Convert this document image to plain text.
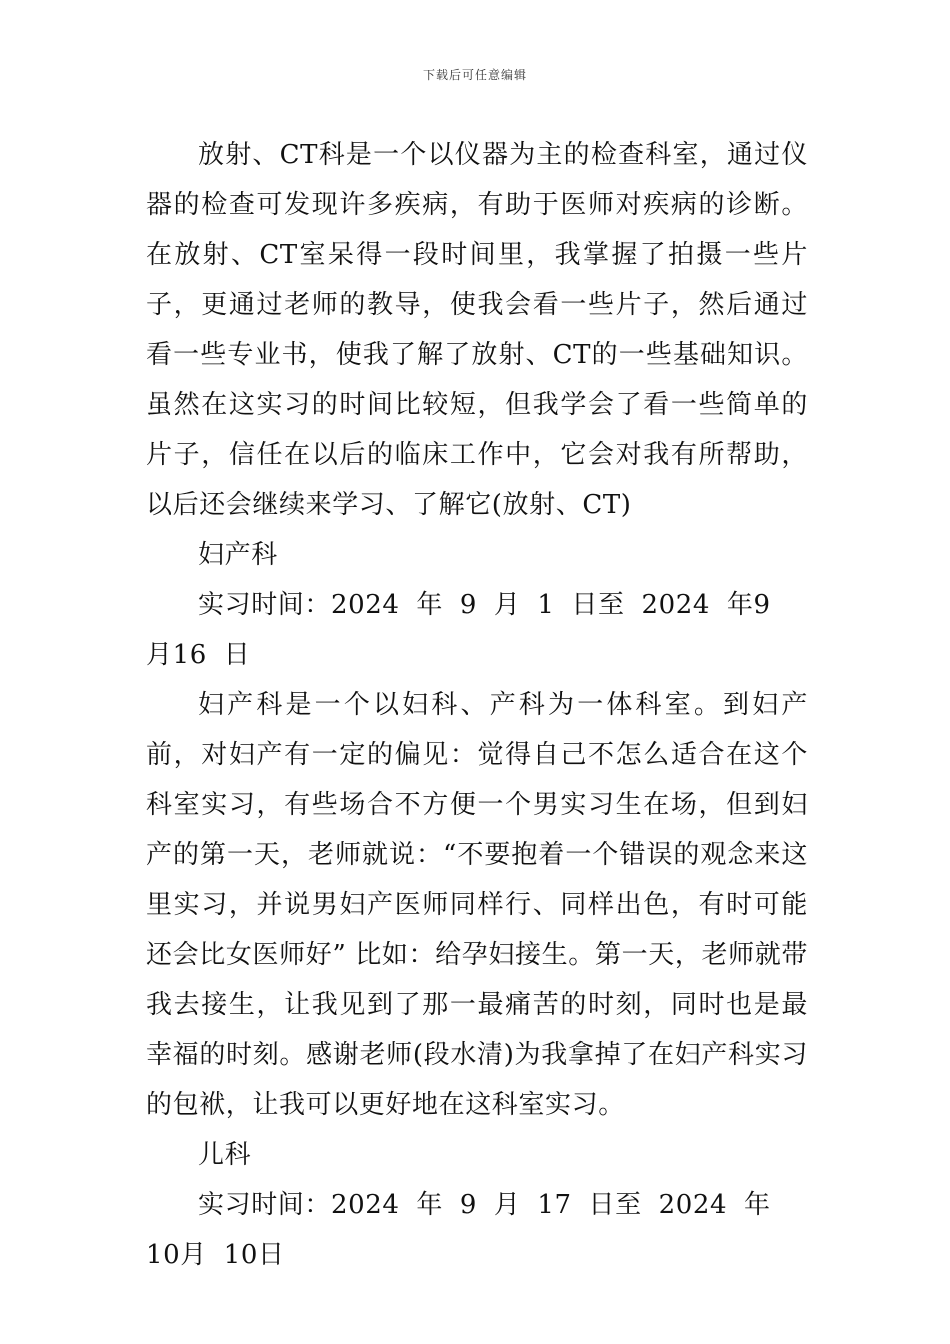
下载后可任意编辑

放射、CT科是一个以仪器为主的检查科室，通过仪器的检查可发现许多疾病，有助于医师对疾病的诊断。在放射、CT室呆得一段时间里，我掌握了拍摄一些片子，更通过老师的教导，使我会看一些片子，然后通过看一些专业书，使我了解了放射、CT的一些基础知识。虽然在这实习的时间比较短，但我学会了看一些简单的片子，信任在以后的临床工作中，它会对我有所帮助，以后还会继续来学习、了解它(放射、CT)

妇产科

实习时间：2024 年 9 月 1 日至 2024 年9 月16 日

妇产科是一个以妇科、产科为一体科室。到妇产前，对妇产有一定的偏见：觉得自己不怎么适合在这个科室实习，有些场合不方便一个男实习生在场，但到妇产的第一天，老师就说：“不要抱着一个错误的观念来这里实习，并说男妇产医师同样行、同样出色，有时可能还会比女医师好” 比如：给孕妇接生。第一天，老师就带我去接生，让我见到了那一最痛苦的时刻，同时也是最幸福的时刻。感谢老师(段水清)为我拿掉了在妇产科实习的包袱，让我可以更好地在这科室实习。

儿科

实习时间：2024 年 9 月 17 日至 2024 年 10月 10日
